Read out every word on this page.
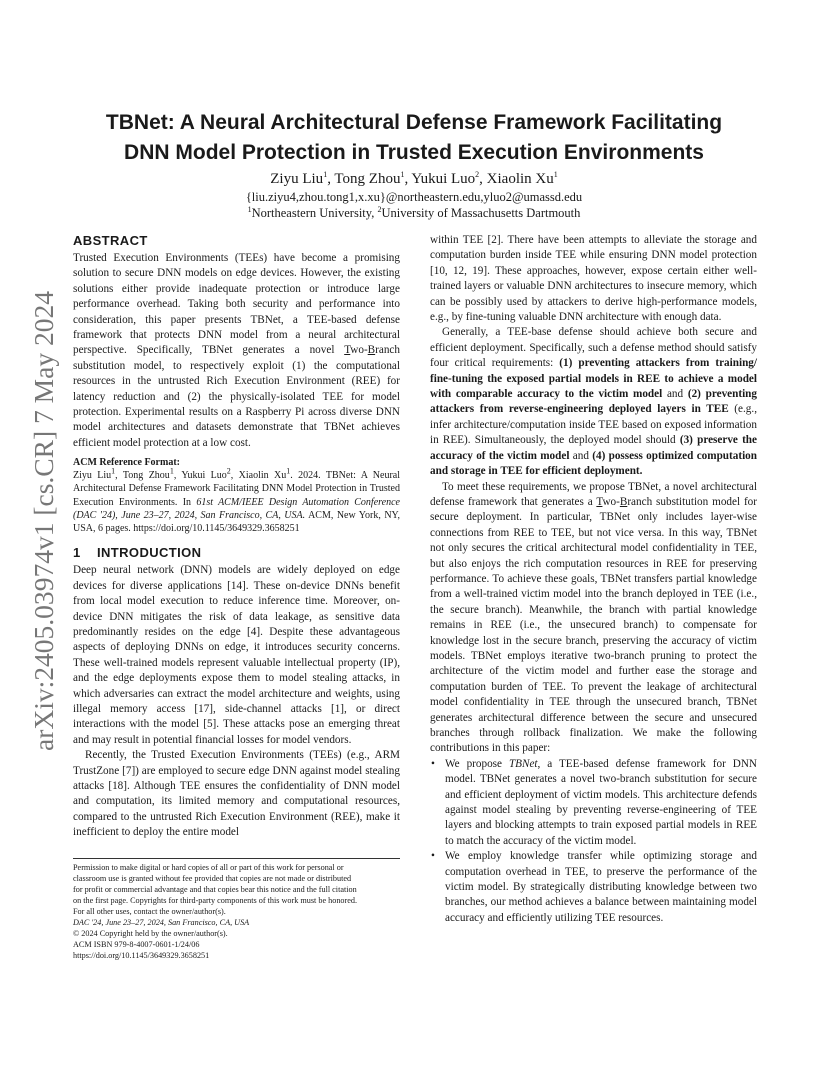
arXiv:2405.03974v1 [cs.CR] 7 May 2024
TBNet: A Neural Architectural Defense Framework Facilitating
DNN Model Protection in Trusted Execution Environments
Ziyu Liu$^1$, Tong Zhou$^1$, Yukui Luo$^2$, Xiaolin Xu$^1$
{liu.ziyu4,zhou.tong1,x.xu}@northeastern.edu,yluo2@umassd.edu
$^1$Northeastern University, $^2$University of Massachusetts Dartmouth
ABSTRACT

Trusted Execution Environments (TEEs) have become a promising solution to secure DNN models on edge devices. However, the existing solutions either provide inadequate protection or introduce large performance overhead. Taking both security and performance into consideration, this paper presents TBNet, a TEE-based defense framework that protects DNN model from a neural architectural perspective. Specifically, TBNet generates a novel Two-Branch substitution model, to respectively exploit (1) the computational resources in the untrusted Rich Execution Environment (REE) for latency reduction and (2) the physically-isolated TEE for model protection. Experimental results on a Raspberry Pi across diverse DNN model architectures and datasets demonstrate that TBNet achieves efficient model protection at a low cost.

ACM Reference Format:

Ziyu Liu$^1$, Tong Zhou$^1$, Yukui Luo$^2$, Xiaolin Xu$^1$. 2024. TBNet: A Neural Architectural Defense Framework Facilitating DNN Model Protection in Trusted Execution Environments. In 61st ACM/IEEE Design Automation Conference (DAC '24), June 23–27, 2024, San Francisco, CA, USA. ACM, New York, NY, USA, 6 pages. https://doi.org/10.1145/3649329.3658251

1 INTRODUCTION

Deep neural network (DNN) models are widely deployed on edge devices for diverse applications [14]. These on-device DNNs benefit from local model execution to reduce inference time. Moreover, on-device DNN mitigates the risk of data leakage, as sensitive data predominantly resides on the edge [4]. Despite these advantageous aspects of deploying DNNs on edge, it introduces security concerns. These well-trained models represent valuable intellectual property (IP), and the edge deployments expose them to model stealing attacks, in which adversaries can extract the model architecture and weights, using illegal memory access [17], side-channel attacks [1], or direct interactions with the model [5]. These attacks pose an emerging threat and may result in potential financial losses for model vendors.

Recently, the Trusted Execution Environments (TEEs) (e.g., ARM TrustZone [7]) are employed to secure edge DNN against model stealing attacks [18]. Although TEE ensures the confidentiality of DNN model and computation, its limited memory and computational resources, compared to the untrusted Rich Execution Environment (REE), make it inefficient to deploy the entire model

Permission to make digital or hard copies of all or part of this work for personal or
classroom use is granted without fee provided that copies are not made or distributed
for profit or commercial advantage and that copies bear this notice and the full citation
on the first page. Copyrights for third-party components of this work must be honored.
For all other uses, contact the owner/author(s).
DAC '24, June 23–27, 2024, San Francisco, CA, USA
© 2024 Copyright held by the owner/author(s).
ACM ISBN 979-8-4007-0601-1/24/06
https://doi.org/10.1145/3649329.3658251

within TEE [2]. There have been attempts to alleviate the storage and computation burden inside TEE while ensuring DNN model protection [10, 12, 19]. These approaches, however, expose certain either well-trained layers or valuable DNN architectures to insecure memory, which can be possibly used by attackers to derive high-performance models, e.g., by fine-tuning valuable DNN architecture with enough data.

Generally, a TEE-base defense should achieve both secure and efficient deployment. Specifically, such a defense method should satisfy four critical requirements: (1) preventing attackers from training/ fine-tuning the exposed partial models in REE to achieve a model with comparable accuracy to the victim model and (2) preventing attackers from reverse-engineering deployed layers in TEE (e.g., infer architecture/computation inside TEE based on exposed information in REE). Simultaneously, the deployed model should (3) preserve the accuracy of the victim model and (4) possess optimized computation and storage in TEE for efficient deployment.

To meet these requirements, we propose TBNet, a novel architectural defense framework that generates a Two-Branch substitution model for secure deployment. In particular, TBNet only includes layer-wise connections from REE to TEE, but not vice versa. In this way, TBNet not only secures the critical architectural model confidentiality in TEE, but also enjoys the rich computation resources in REE for preserving performance. To achieve these goals, TBNet transfers partial knowledge from a well-trained victim model into the branch deployed in TEE (i.e., the secure branch). Meanwhile, the branch with partial knowledge remains in REE (i.e., the unsecured branch) to compensate for knowledge lost in the secure branch, preserving the accuracy of victim models. TBNet employs iterative two-branch pruning to protect the architecture of the victim model and further ease the storage and computation burden of TEE. To prevent the leakage of architectural model confidentiality in TEE through the unsecured branch, TBNet generates architectural difference between the secure and unsecured branches through rollback finalization. We make the following contributions in this paper:

• We propose TBNet, a TEE-based defense framework for DNN model. TBNet generates a novel two-branch substitution for secure and efficient deployment of victim models. This architecture defends against model stealing by preventing reverse-engineering of TEE layers and blocking attempts to train exposed partial models in REE to match the accuracy of the victim model.
• We employ knowledge transfer while optimizing storage and computation overhead in TEE, to preserve the performance of the victim model. By strategically distributing knowledge between two branches, our method achieves a balance between maintaining model accuracy and efficiently utilizing TEE resources.
